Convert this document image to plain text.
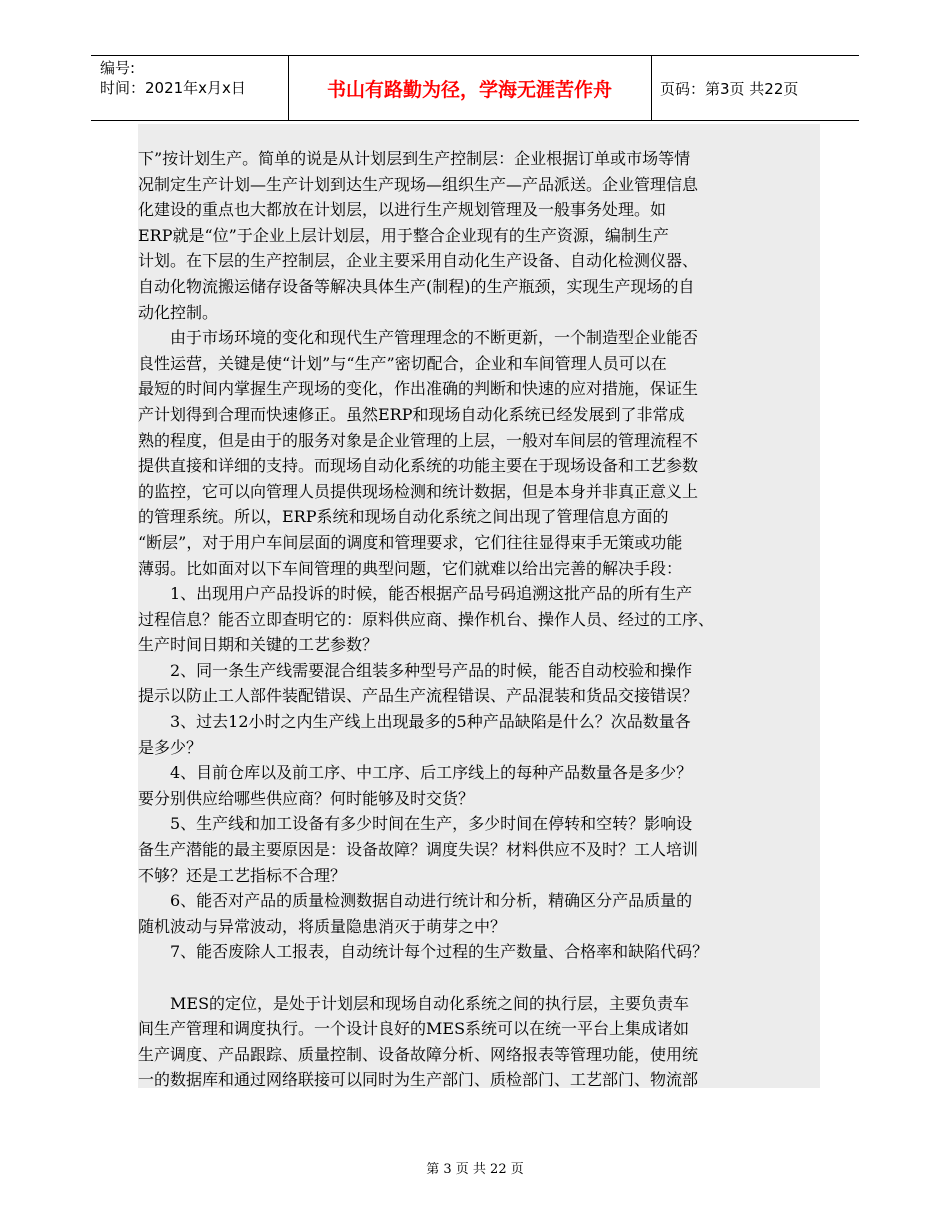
编号:
时间：2021年x月x日	书山有路勤为径，学海无涯苦作舟	页码：第3页 共22页
下”按计划生产。简单的说是从计划层到生产控制层：企业根据订单或市场等情
况制定生产计划—生产计划到达生产现场—组织生产—产品派送。企业管理信息
化建设的重点也大都放在计划层，以进行生产规划管理及一般事务处理。如
ERP就是“位”于企业上层计划层，用于整合企业现有的生产资源，编制生产
计划。在下层的生产控制层，企业主要采用自动化生产设备、自动化检测仪器、
自动化物流搬运储存设备等解决具体生产(制程)的生产瓶颈，实现生产现场的自
动化控制。
　　由于市场环境的变化和现代生产管理理念的不断更新，一个制造型企业能否
良性运营，关键是使“计划”与“生产”密切配合，企业和车间管理人员可以在
最短的时间内掌握生产现场的变化，作出准确的判断和快速的应对措施，保证生
产计划得到合理而快速修正。虽然ERP和现场自动化系统已经发展到了非常成
熟的程度，但是由于的服务对象是企业管理的上层，一般对车间层的管理流程不
提供直接和详细的支持。而现场自动化系统的功能主要在于现场设备和工艺参数
的监控，它可以向管理人员提供现场检测和统计数据，但是本身并非真正意义上
的管理系统。所以，ERP系统和现场自动化系统之间出现了管理信息方面的
“断层”，对于用户车间层面的调度和管理要求，它们往往显得束手无策或功能
薄弱。比如面对以下车间管理的典型问题，它们就难以给出完善的解决手段：
　　1、出现用户产品投诉的时候，能否根据产品号码追溯这批产品的所有生产
过程信息？能否立即查明它的：原料供应商、操作机台、操作人员、经过的工序、
生产时间日期和关键的工艺参数？
　　2、同一条生产线需要混合组装多种型号产品的时候，能否自动校验和操作
提示以防止工人部件装配错误、产品生产流程错误、产品混装和货品交接错误？
　　3、过去12小时之内生产线上出现最多的5种产品缺陷是什么？次品数量各
是多少？
　　4、目前仓库以及前工序、中工序、后工序线上的每种产品数量各是多少？
要分别供应给哪些供应商？何时能够及时交货？
　　5、生产线和加工设备有多少时间在生产，多少时间在停转和空转？影响设
备生产潜能的最主要原因是：设备故障？调度失误？材料供应不及时？工人培训
不够？还是工艺指标不合理？
　　6、能否对产品的质量检测数据自动进行统计和分析，精确区分产品质量的
随机波动与异常波动，将质量隐患消灭于萌芽之中？
　　7、能否废除人工报表，自动统计每个过程的生产数量、合格率和缺陷代码？
　　MES的定位，是处于计划层和现场自动化系统之间的执行层，主要负责车
间生产管理和调度执行。一个设计良好的MES系统可以在统一平台上集成诸如
生产调度、产品跟踪、质量控制、设备故障分析、网络报表等管理功能，使用统
一的数据库和通过网络联接可以同时为生产部门、质检部门、工艺部门、物流部
第 3 页 共 22 页
